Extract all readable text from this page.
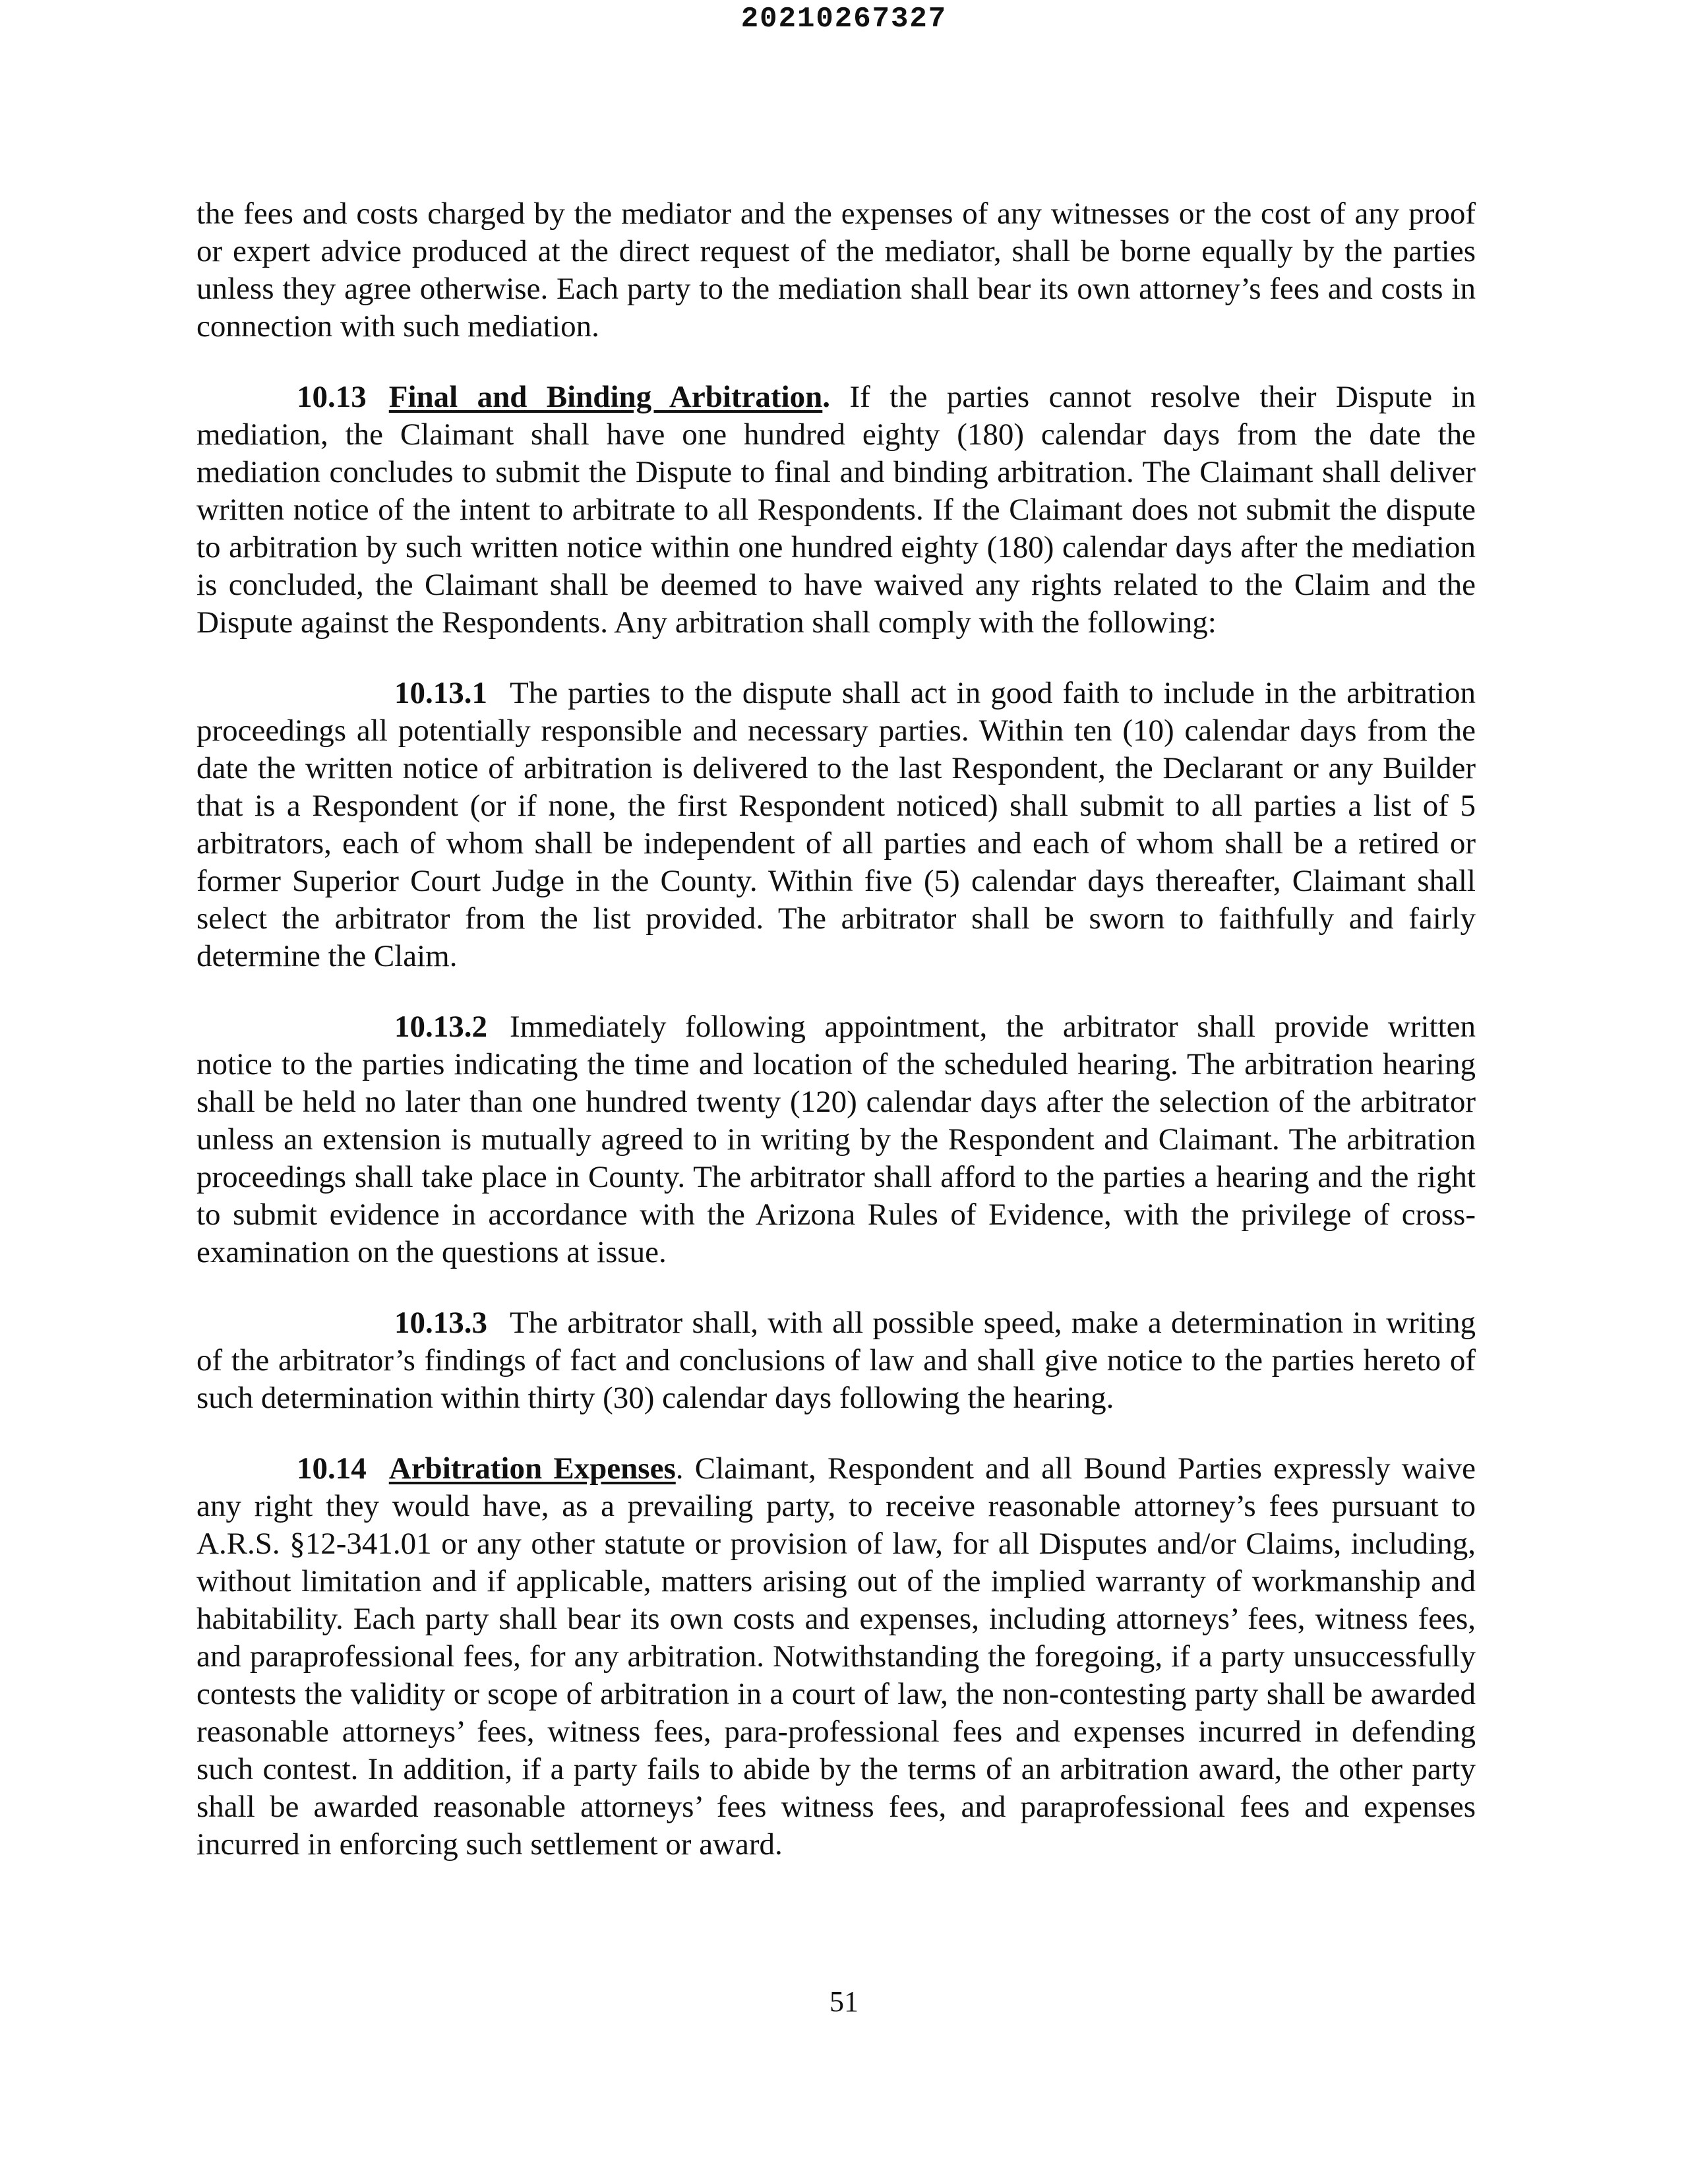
20210267327

the fees and costs charged by the mediator and the expenses of any witnesses or the cost of any proof or expert advice produced at the direct request of the mediator, shall be borne equally by the parties unless they agree otherwise. Each party to the mediation shall bear its own attorney’s fees and costs in connection with such mediation.

10.13 Final and Binding Arbitration. If the parties cannot resolve their Dispute in mediation, the Claimant shall have one hundred eighty (180) calendar days from the date the mediation concludes to submit the Dispute to final and binding arbitration. The Claimant shall deliver written notice of the intent to arbitrate to all Respondents. If the Claimant does not submit the dispute to arbitration by such written notice within one hundred eighty (180) calendar days after the mediation is concluded, the Claimant shall be deemed to have waived any rights related to the Claim and the Dispute against the Respondents. Any arbitration shall comply with the following:

10.13.1 The parties to the dispute shall act in good faith to include in the arbitration proceedings all potentially responsible and necessary parties. Within ten (10) calendar days from the date the written notice of arbitration is delivered to the last Respondent, the Declarant or any Builder that is a Respondent (or if none, the first Respondent noticed) shall submit to all parties a list of 5 arbitrators, each of whom shall be independent of all parties and each of whom shall be a retired or former Superior Court Judge in the County. Within five (5) calendar days thereafter, Claimant shall select the arbitrator from the list provided. The arbitrator shall be sworn to faithfully and fairly determine the Claim.

10.13.2 Immediately following appointment, the arbitrator shall provide written notice to the parties indicating the time and location of the scheduled hearing. The arbitration hearing shall be held no later than one hundred twenty (120) calendar days after the selection of the arbitrator unless an extension is mutually agreed to in writing by the Respondent and Claimant. The arbitration proceedings shall take place in County. The arbitrator shall afford to the parties a hearing and the right to submit evidence in accordance with the Arizona Rules of Evidence, with the privilege of cross-examination on the questions at issue.

10.13.3 The arbitrator shall, with all possible speed, make a determination in writing of the arbitrator’s findings of fact and conclusions of law and shall give notice to the parties hereto of such determination within thirty (30) calendar days following the hearing.

10.14 Arbitration Expenses. Claimant, Respondent and all Bound Parties expressly waive any right they would have, as a prevailing party, to receive reasonable attorney’s fees pursuant to A.R.S. §12-341.01 or any other statute or provision of law, for all Disputes and/or Claims, including, without limitation and if applicable, matters arising out of the implied warranty of workmanship and habitability. Each party shall bear its own costs and expenses, including attorneys’ fees, witness fees, and paraprofessional fees, for any arbitration. Notwithstanding the foregoing, if a party unsuccessfully contests the validity or scope of arbitration in a court of law, the non-contesting party shall be awarded reasonable attorneys’ fees, witness fees, para-professional fees and expenses incurred in defending such contest. In addition, if a party fails to abide by the terms of an arbitration award, the other party shall be awarded reasonable attorneys’ fees witness fees, and paraprofessional fees and expenses incurred in enforcing such settlement or award.

51
